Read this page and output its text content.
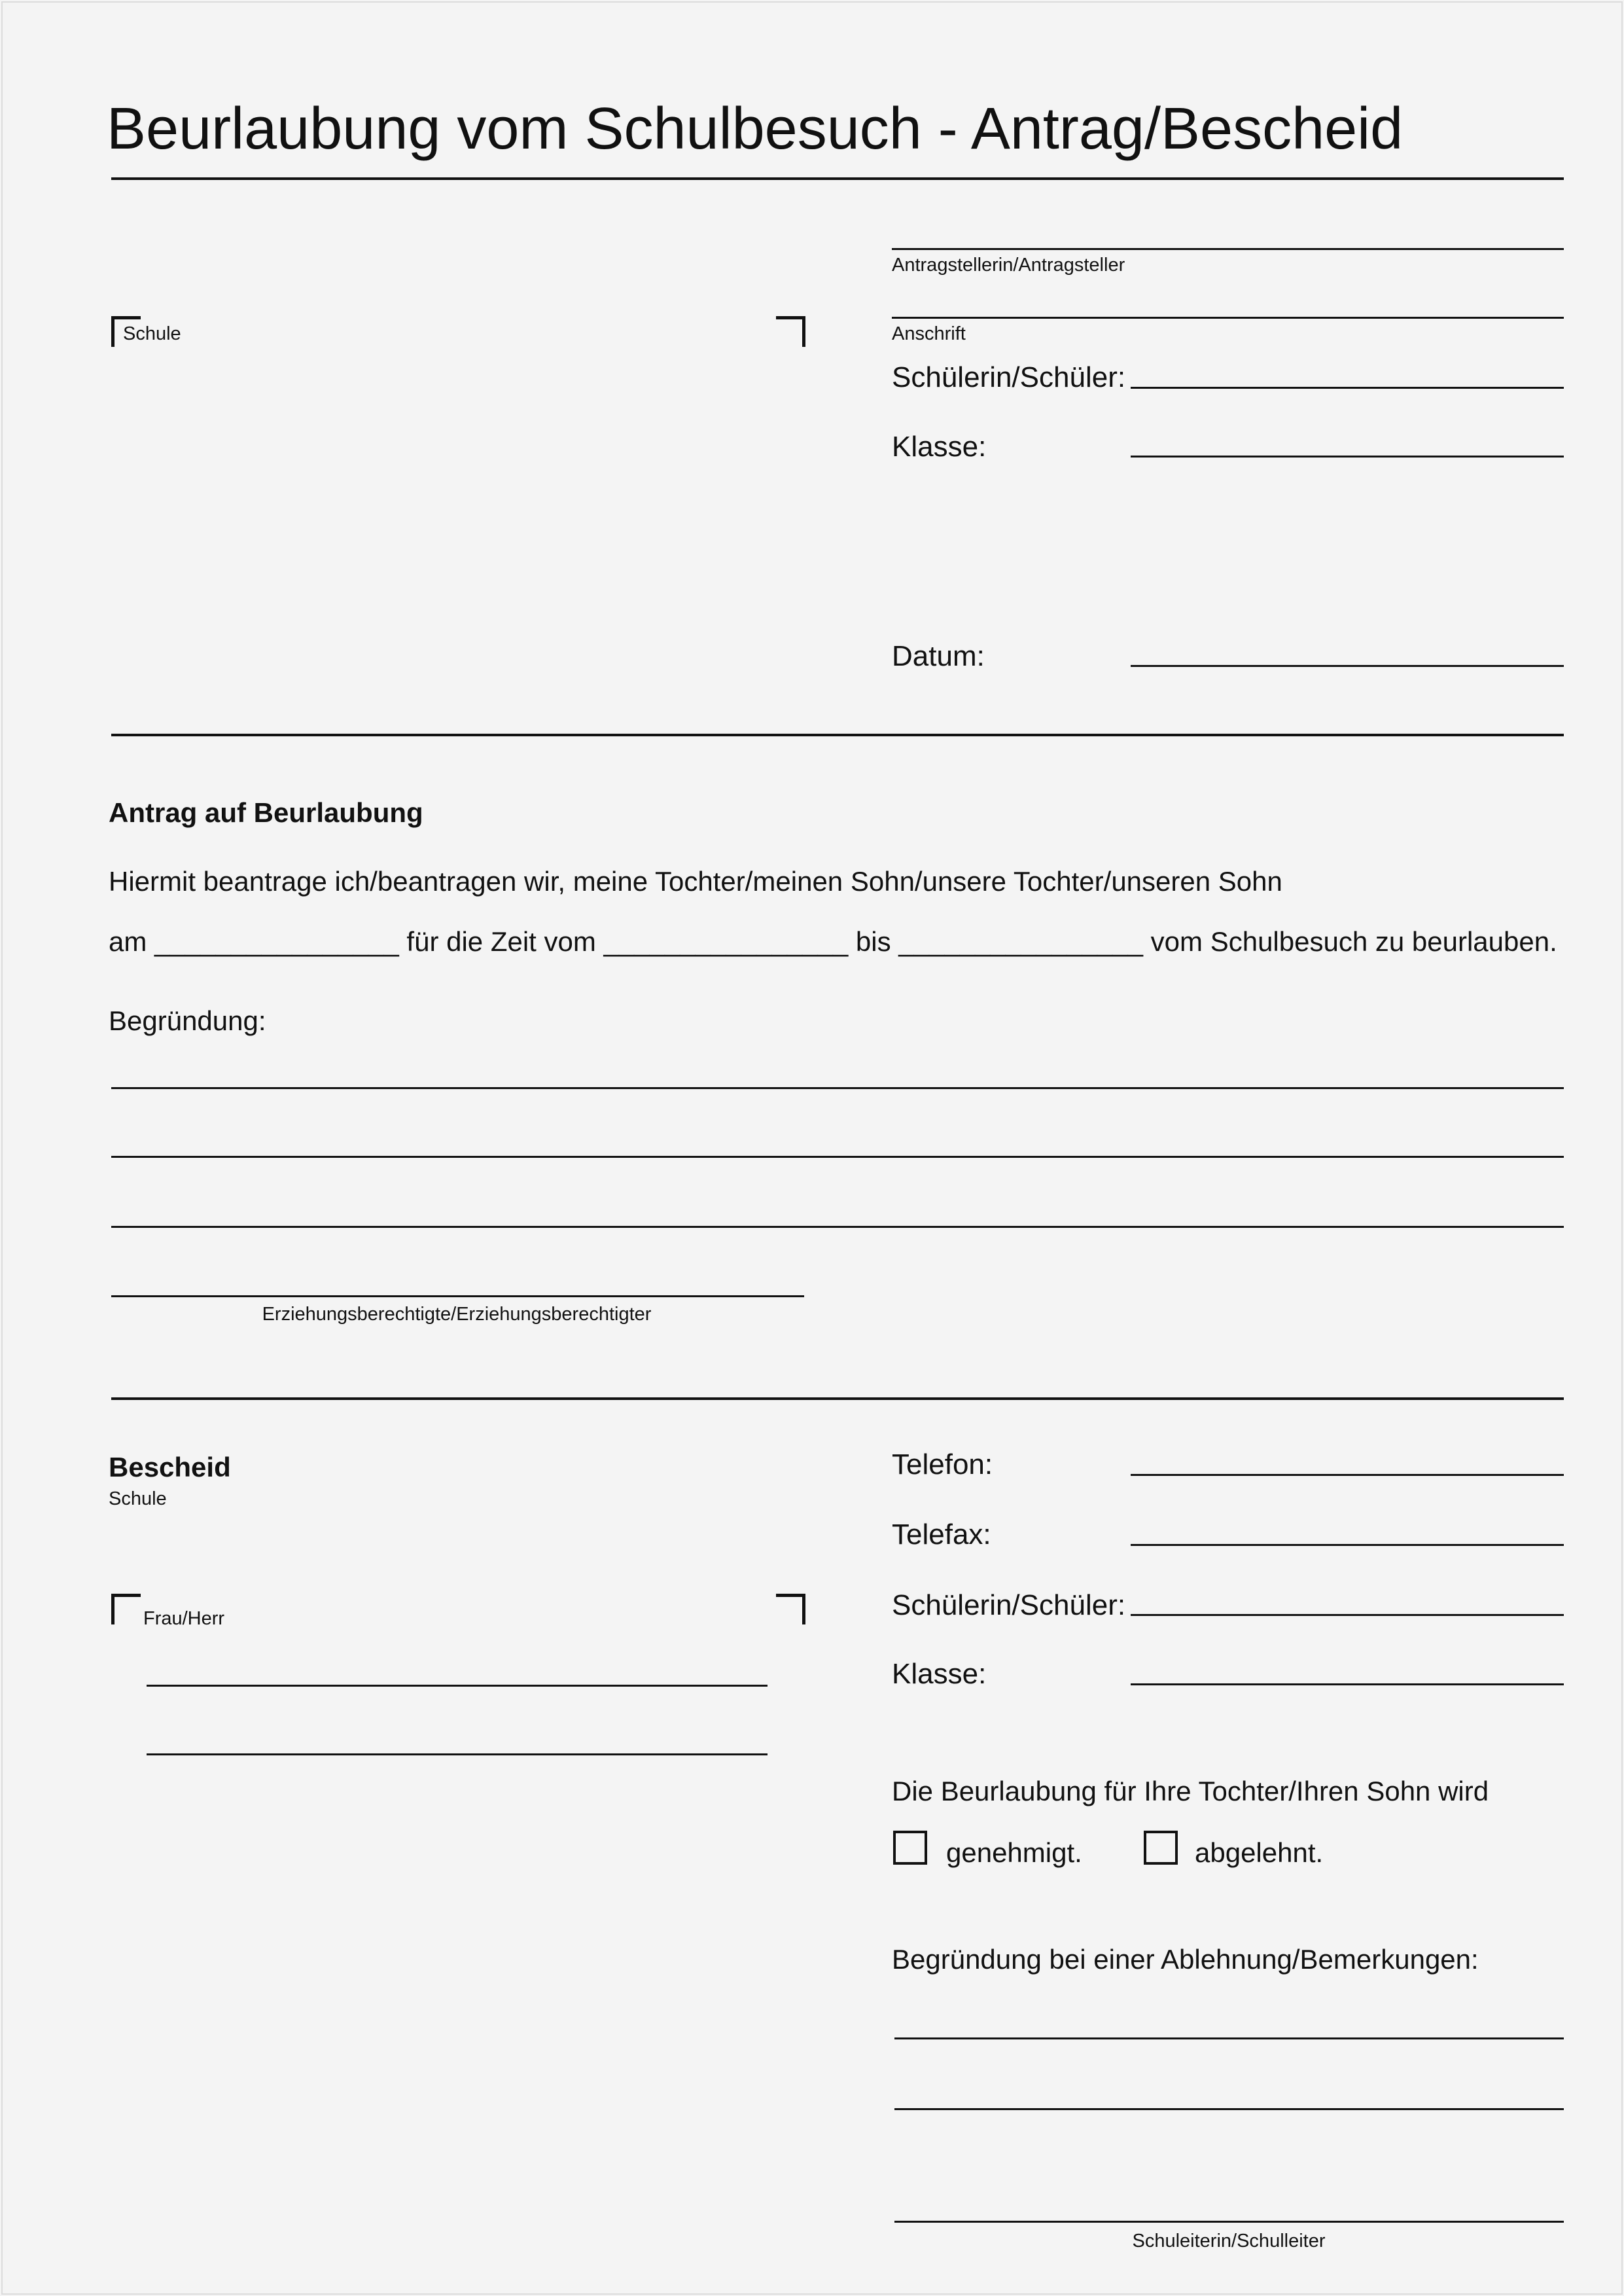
Beurlaubung vom Schulbesuch - Antrag/Bescheid
Antragstellerin/Antragsteller
Anschrift
Schülerin/Schüler:
Klasse:
Datum:
Schule
Antrag auf Beurlaubung
Hiermit beantrage ich/beantragen wir, meine Tochter/meinen Sohn/unsere Tochter/unseren Sohn
am ________________ für die Zeit vom ________________ bis ________________ vom Schulbesuch zu beurlauben.
Begründung:
Erziehungsberechtigte/Erziehungsberechtigter
Bescheid
Schule
Frau/Herr
Telefon:
Telefax:
Schülerin/Schüler:
Klasse:
Die Beurlaubung für Ihre Tochter/Ihren Sohn wird
genehmigt.	abgelehnt.
Begründung bei einer Ablehnung/Bemerkungen:
Schuleiterin/Schulleiter
